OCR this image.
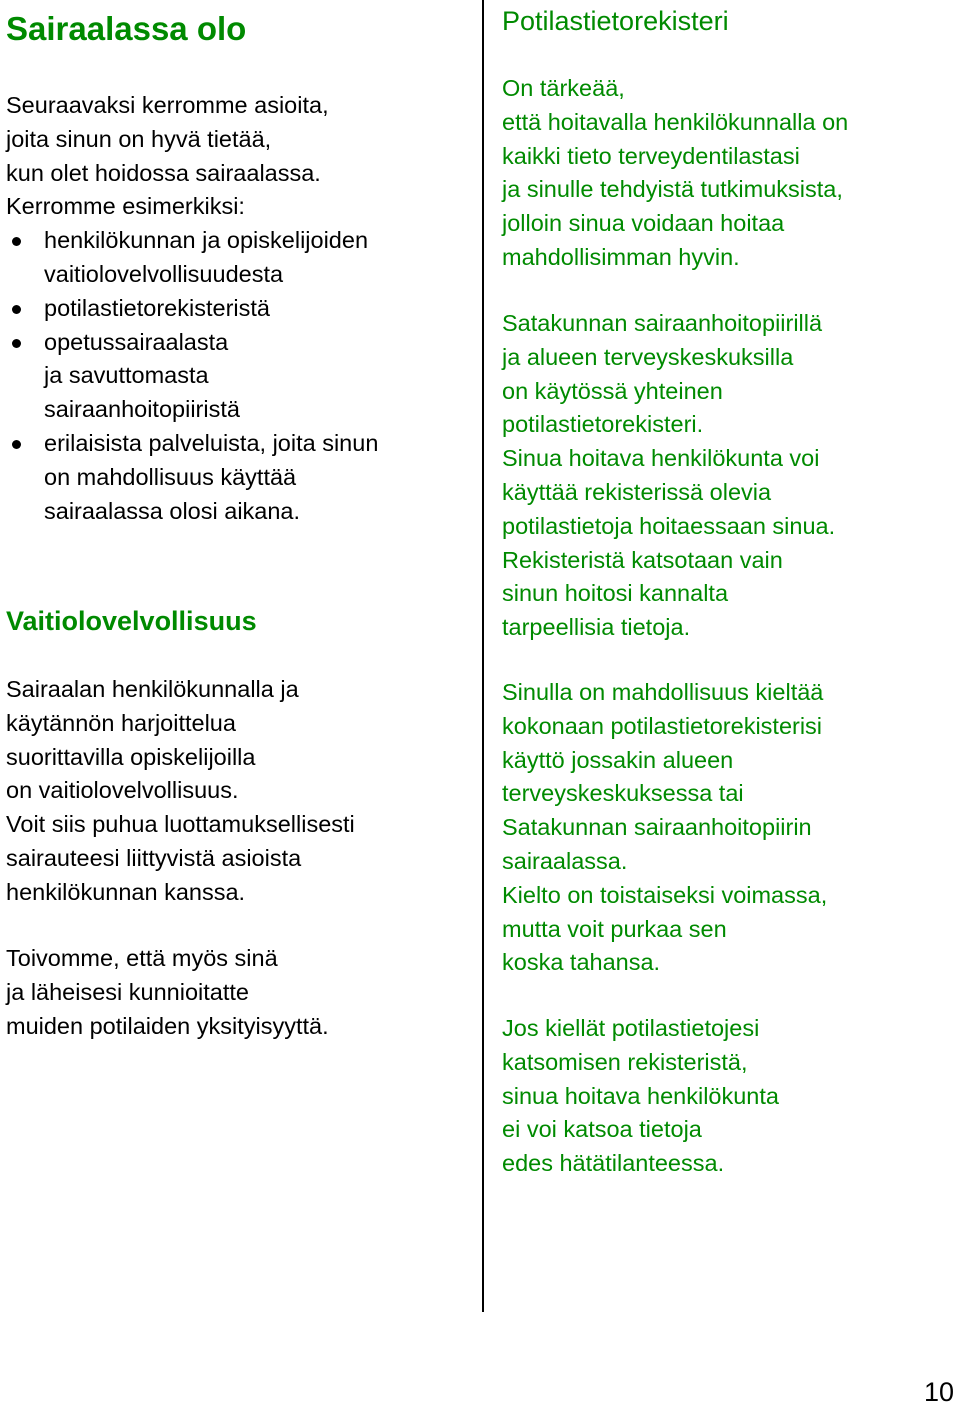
Sairaalassa olo
Seuraavaksi kerromme asioita,
joita sinun on hyvä tietää,
kun olet hoidossa sairaalassa.
Kerromme esimerkiksi:
henkilökunnan ja opiskelijoiden
vaitiolovelvollisuudesta
potilastietorekisteristä
opetussairaalasta
ja savuttomasta
sairaanhoitopiiristä
erilaisista palveluista, joita sinun
on mahdollisuus käyttää
sairaalassa olosi aikana.
Vaitiolovelvollisuus
Sairaalan henkilökunnalla ja
käytännön harjoittelua
suorittavilla opiskelijoilla
on vaitiolovelvollisuus.
Voit siis puhua luottamuksellisesti
sairauteesi liittyvistä asioista
henkilökunnan kanssa.
Toivomme, että myös sinä
ja läheisesi kunnioitatte
muiden potilaiden yksityisyyttä.
Potilastietorekisteri
On tärkeää,
että hoitavalla henkilökunnalla on
kaikki tieto terveydentilastasi
ja sinulle tehdyistä tutkimuksista,
jolloin sinua voidaan hoitaa
mahdollisimman hyvin.
Satakunnan sairaanhoitopiirillä
ja alueen terveyskeskuksilla
on käytössä yhteinen
potilastietorekisteri.
Sinua hoitava henkilökunta voi
käyttää rekisterissä olevia
potilastietoja hoitaessaan sinua.
Rekisteristä katsotaan vain
sinun hoitosi kannalta
tarpeellisia tietoja.
Sinulla on mahdollisuus kieltää
kokonaan potilastietorekisterisi
käyttö jossakin alueen
terveyskeskuksessa tai
Satakunnan sairaanhoitopiirin
sairaalassa.
Kielto on toistaiseksi voimassa,
mutta voit purkaa sen
koska tahansa.
Jos kiellät potilastietojesi
katsomisen rekisteristä,
sinua hoitava henkilökunta
ei voi katsoa tietoja
edes hätätilanteessa.
10
